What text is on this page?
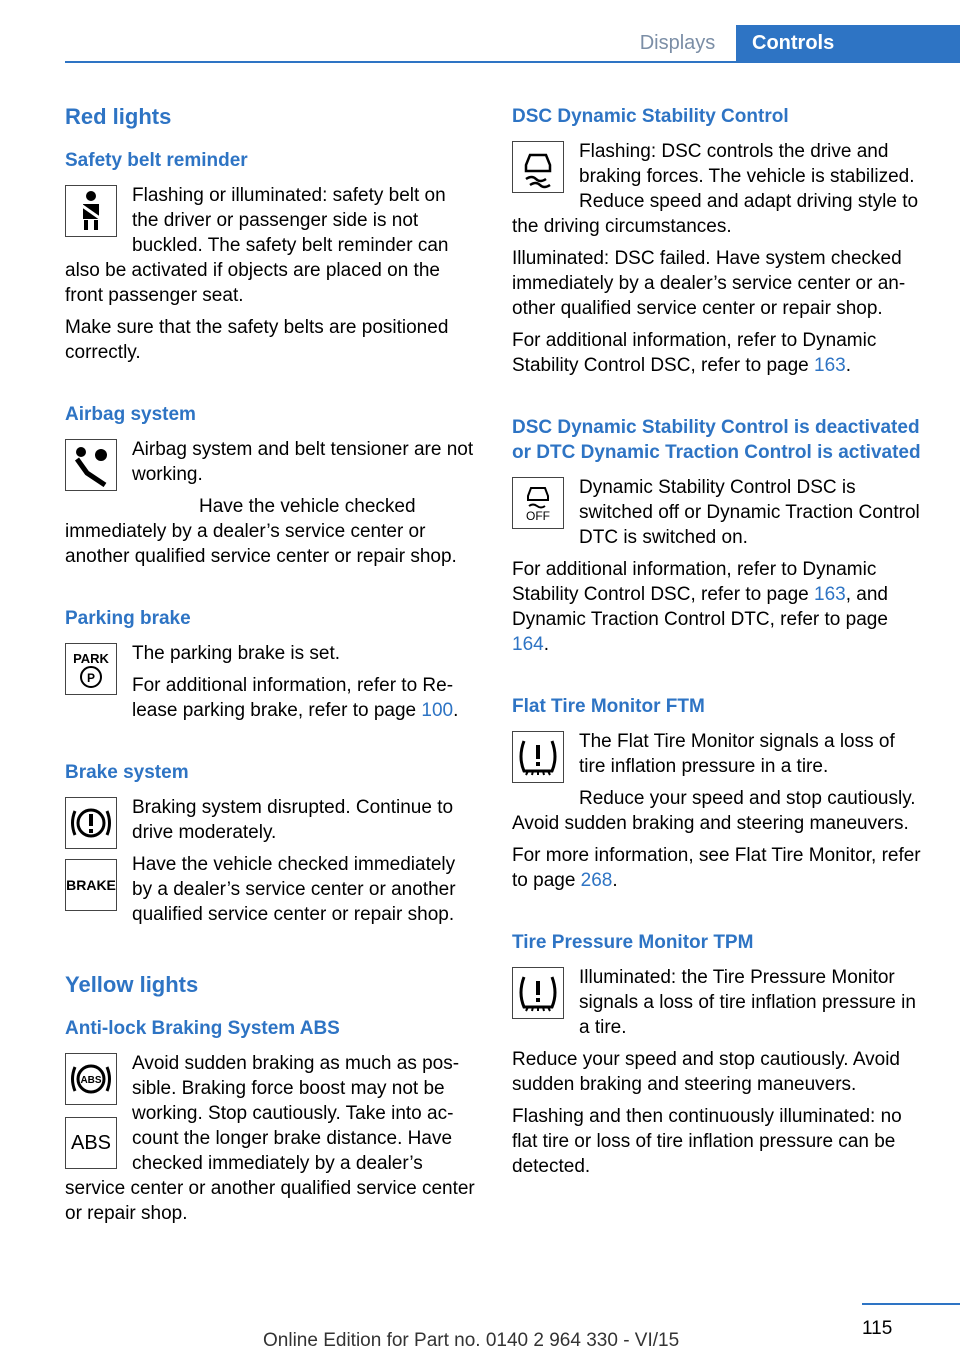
Displays	Controls
Red lights
Safety belt reminder

Flashing or illuminated: safety belt on the driver or passenger side is not buckled. The safety belt reminder can also be activated if objects are placed on the front passenger seat.

Make sure that the safety belts are positioned correctly.

Airbag system

Airbag system and belt tensioner are not working.

Have the vehicle checked immediately by a dealer’s service center or another qualified service center or repair shop.

Parking brake
PARK
P

The parking brake is set.

For additional information, refer to Release parking brake, refer to page 100.

Brake system

Braking system disrupted. Continue to drive moderately.

BRAKE

Have the vehicle checked immediately by a dealer’s service center or another qualified service center or repair shop.

Yellow lights
Anti-lock Braking System ABS
ABS
ABS

Avoid sudden braking as much as possible. Braking force boost may not be working. Stop cautiously. Take into account the longer brake distance. Have checked immediately by a dealer’s service center or another qualified service center or repair shop.

DSC Dynamic Stability Control

Flashing: DSC controls the drive and braking forces. The vehicle is stabilized. Reduce speed and adapt driving style to the driving circumstances.

Illuminated: DSC failed. Have system checked immediately by a dealer’s service center or another qualified service center or repair shop.

For additional information, refer to Dynamic Stability Control DSC, refer to page 163.

DSC Dynamic Stability Control is deactivated or DTC Dynamic Traction Control is activated
OFF

Dynamic Stability Control DSC is switched off or Dynamic Traction Control DTC is switched on.

For additional information, refer to Dynamic Stability Control DSC, refer to page 163, and Dynamic Traction Control DTC, refer to page 164.

Flat Tire Monitor FTM

The Flat Tire Monitor signals a loss of tire inflation pressure in a tire.

Reduce your speed and stop cautiously. Avoid sudden braking and steering maneuvers.

For more information, see Flat Tire Monitor, refer to page 268.

Tire Pressure Monitor TPM

Illuminated: the Tire Pressure Monitor signals a loss of tire inflation pressure in a tire.

Reduce your speed and stop cautiously. Avoid sudden braking and steering maneuvers.

Flashing and then continuously illuminated: no flat tire or loss of tire inflation pressure can be detected.

115
Online Edition for Part no. 0140 2 964 330 - VI/15
